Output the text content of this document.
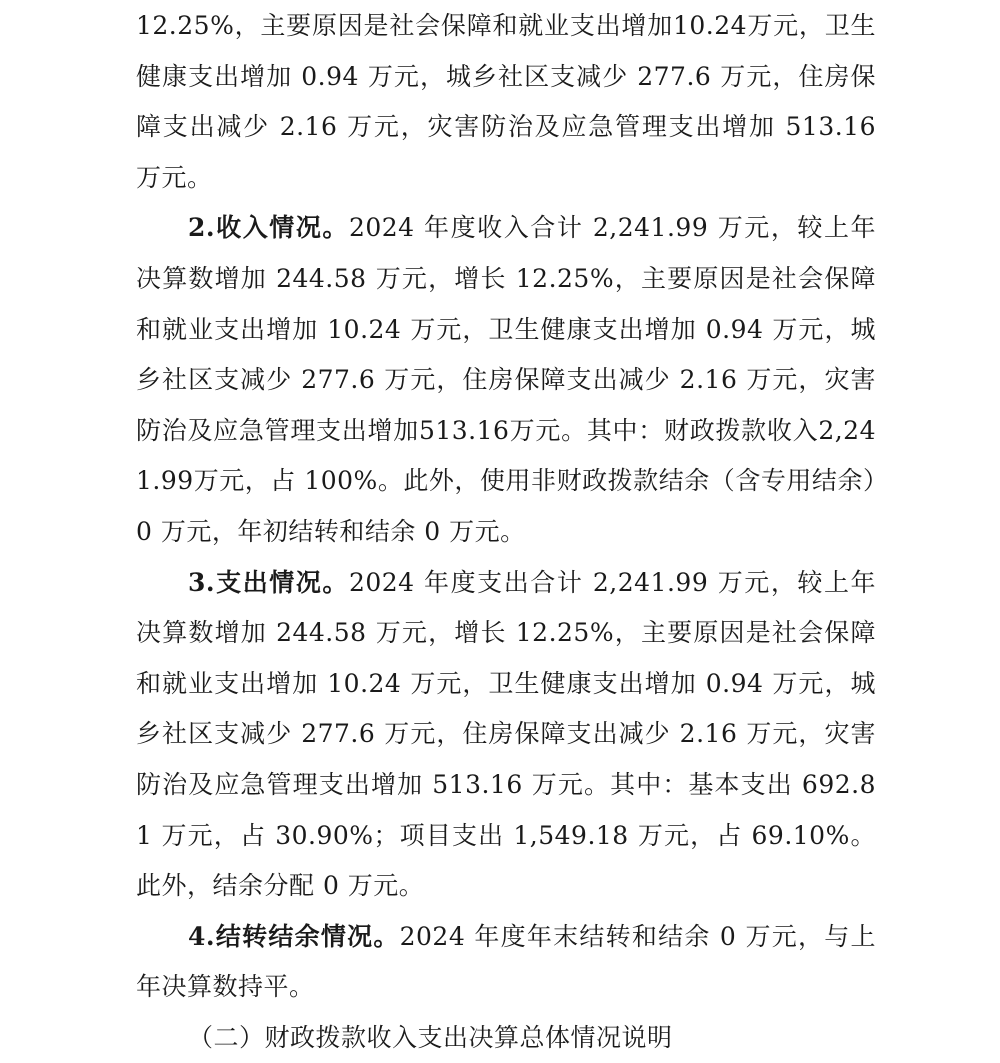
12.25%，主要原因是社会保障和就业支出增加10.24万元，卫生健康支出增加 0.94 万元，城乡社区支减少 277.6 万元，住房保障支出减少 2.16 万元，灾害防治及应急管理支出增加 513.16 万元。

2.收入情况。2024 年度收入合计 2,241.99 万元，较上年决算数增加 244.58 万元，增长 12.25%，主要原因是社会保障和就业支出增加 10.24 万元，卫生健康支出增加 0.94 万元，城乡社区支减少 277.6 万元，住房保障支出减少 2.16 万元，灾害防治及应急管理支出增加513.16万元。其中：财政拨款收入2,241.99万元，占 100%。此外，使用非财政拨款结余（含专用结余）0 万元，年初结转和结余 0 万元。

3.支出情况。2024 年度支出合计 2,241.99 万元，较上年决算数增加 244.58 万元，增长 12.25%，主要原因是社会保障和就业支出增加 10.24 万元，卫生健康支出增加 0.94 万元，城乡社区支减少 277.6 万元，住房保障支出减少 2.16 万元，灾害防治及应急管理支出增加 513.16 万元。其中：基本支出 692.81 万元，占 30.90%；项目支出 1,549.18 万元，占 69.10%。此外，结余分配 0 万元。

4.结转结余情况。2024 年度年末结转和结余 0 万元，与上年决算数持平。

（二）财政拨款收入支出决算总体情况说明
